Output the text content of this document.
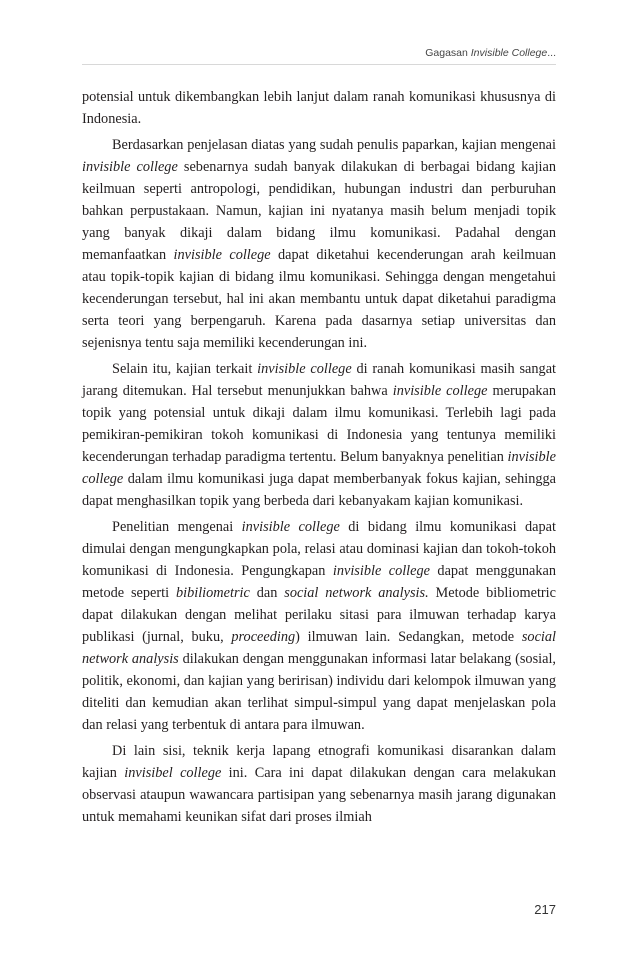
Gagasan Invisible College...

potensial untuk dikembangkan lebih lanjut dalam ranah komunikasi khususnya di Indonesia.

Berdasarkan penjelasan diatas yang sudah penulis paparkan, kajian mengenai invisible college sebenarnya sudah banyak dilakukan di berbagai bidang kajian keilmuan seperti antropologi, pendidikan, hubungan industri dan perburuhan bahkan perpustakaan. Namun, kajian ini nyatanya masih belum menjadi topik yang banyak dikaji dalam bidang ilmu komunikasi. Padahal dengan memanfaatkan invisible college dapat diketahui kecenderungan arah keilmuan atau topik-topik kajian di bidang ilmu komunikasi. Sehingga dengan mengetahui kecenderungan tersebut, hal ini akan membantu untuk dapat diketahui paradigma serta teori yang berpengaruh. Karena pada dasarnya setiap universitas dan sejenisnya tentu saja memiliki kecenderungan ini.

Selain itu, kajian terkait invisible college di ranah komunikasi masih sangat jarang ditemukan. Hal tersebut menunjukkan bahwa invisible college merupakan topik yang potensial untuk dikaji dalam ilmu komunikasi. Terlebih lagi pada pemikiran-pemikiran tokoh komunikasi di Indonesia yang tentunya memiliki kecenderungan terhadap paradigma tertentu. Belum banyaknya penelitian invisible college dalam ilmu komunikasi juga dapat memberbanyak fokus kajian, sehingga dapat menghasilkan topik yang berbeda dari kebanyakam kajian komunikasi.

Penelitian mengenai invisible college di bidang ilmu komunikasi dapat dimulai dengan mengungkapkan pola, relasi atau dominasi kajian dan tokoh-tokoh komunikasi di Indonesia. Pengungkapan invisible college dapat menggunakan metode seperti bibiliometric dan social network analysis. Metode bibliometric dapat dilakukan dengan melihat perilaku sitasi para ilmuwan terhadap karya publikasi (jurnal, buku, proceeding) ilmuwan lain. Sedangkan, metode social network analysis dilakukan dengan menggunakan informasi latar belakang (sosial, politik, ekonomi, dan kajian yang beririsan) individu dari kelompok ilmuwan yang diteliti dan kemudian akan terlihat simpul-simpul yang dapat menjelaskan pola dan relasi yang terbentuk di antara para ilmuwan.

Di lain sisi, teknik kerja lapang etnografi komunikasi disarankan dalam kajian invisibel college ini. Cara ini dapat dilakukan dengan cara melakukan observasi ataupun wawancara partisipan yang sebenarnya masih jarang digunakan untuk memahami keunikan sifat dari proses ilmiah

217
